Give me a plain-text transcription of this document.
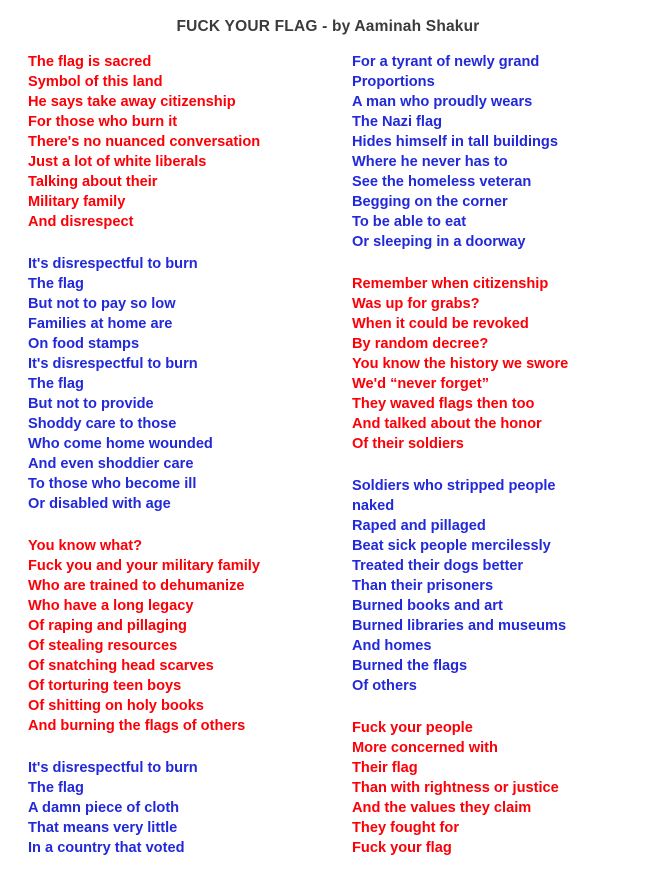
FUCK YOUR FLAG - by Aaminah Shakur
The flag is sacred
Symbol of this land
He says take away citizenship
For those who burn it
There's no nuanced conversation
Just a lot of white liberals
Talking about their
Military family
And disrespect
It's disrespectful to burn
The flag
But not to pay so low
Families at home are
On food stamps
It's disrespectful to burn
The flag
But not to provide
Shoddy care to those
Who come home wounded
And even shoddier care
To those who become ill
Or disabled with age
You know what?
Fuck you and your military family
Who are trained to dehumanize
Who have a long legacy
Of raping and pillaging
Of stealing resources
Of snatching head scarves
Of torturing teen boys
Of shitting on holy books
And burning the flags of others
It's disrespectful to burn
The flag
A damn piece of cloth
That means very little
In a country that voted
For a tyrant of newly grand
Proportions
A man who proudly wears
The Nazi flag
Hides himself in tall buildings
Where he never has to
See the homeless veteran
Begging on the corner
To be able to eat
Or sleeping in a doorway
Remember when citizenship
Was up for grabs?
When it could be revoked
By random decree?
You know the history we swore
We'd “never forget”
They waved flags then too
And talked about the honor
Of their soldiers
Soldiers who stripped people
naked
Raped and pillaged
Beat sick people mercilessly
Treated their dogs better
Than their prisoners
Burned books and art
Burned libraries and museums
And homes
Burned the flags
Of others
Fuck your people
More concerned with
Their flag
Than with rightness or justice
And the values they claim
They fought for
Fuck your flag
